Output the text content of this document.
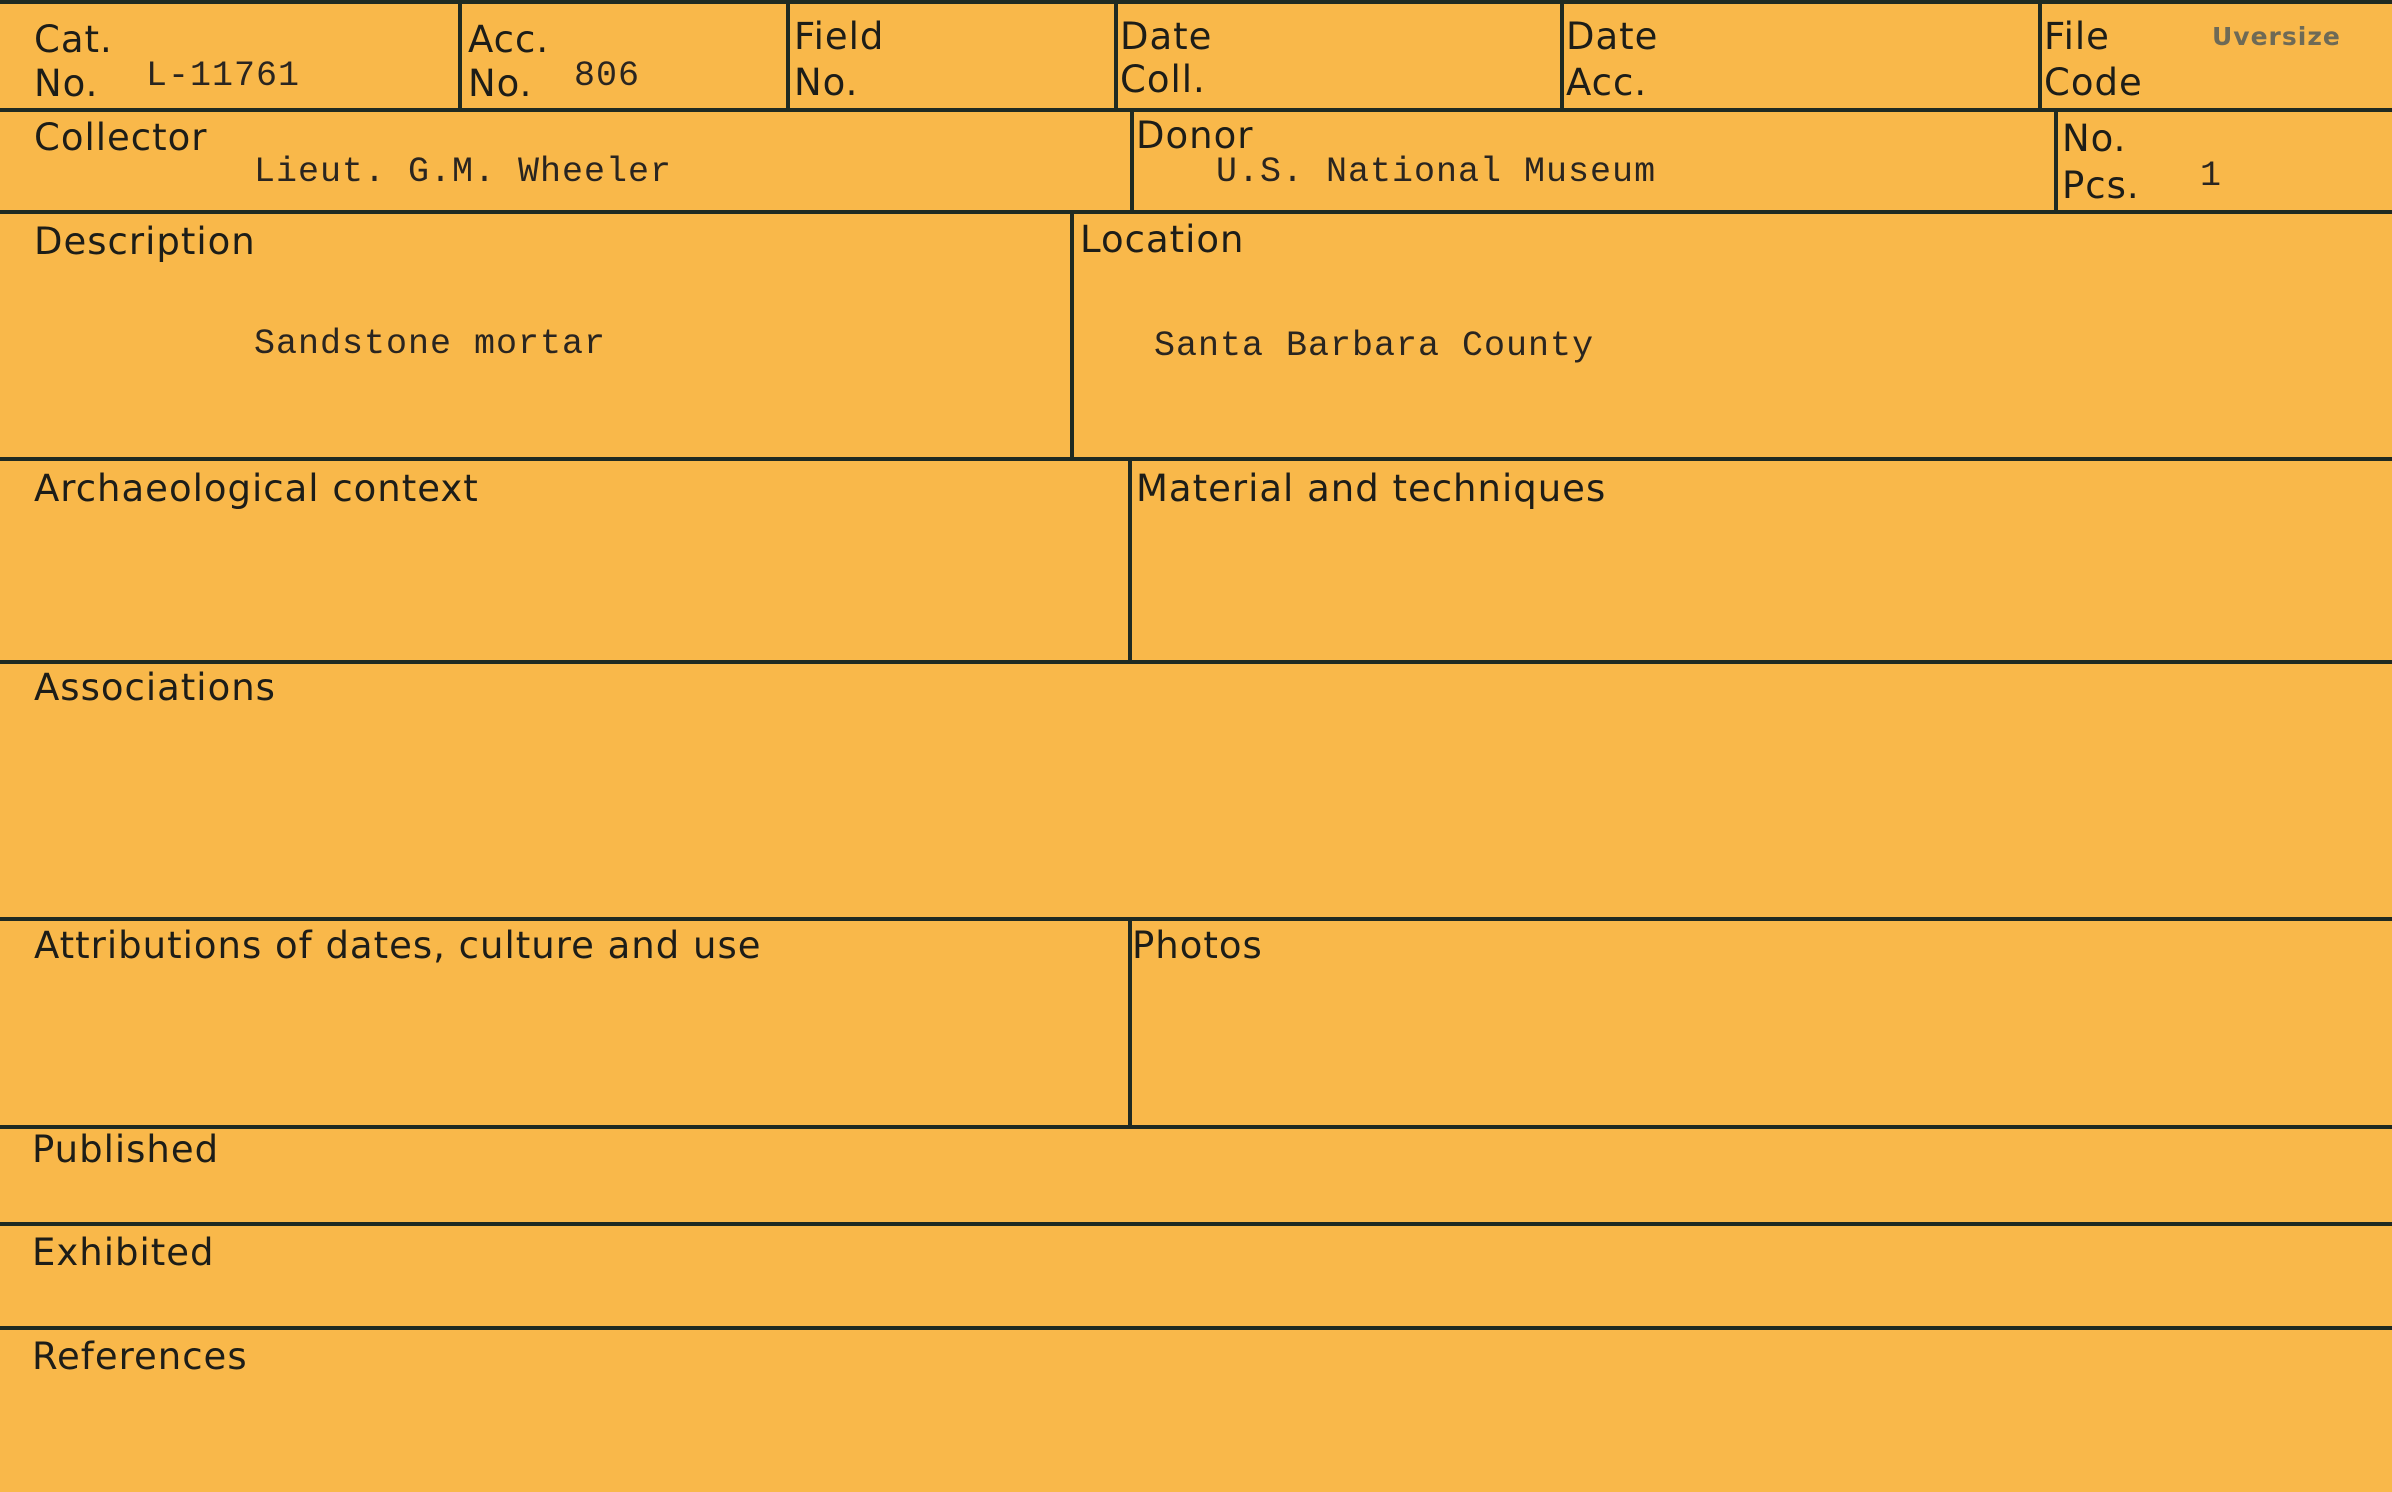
Cat.
No. L-11761
Acc.
No. 806
Field
No.
Date
Coll.
Date
Acc.
File
Code
Uversize
Collector
Lieut. G.M. Wheeler
Donor
U.S. National Museum
No.
Pcs. 1
Description
Sandstone mortar
Location
Santa Barbara County
Archaeological context	Material and techniques
Associations
Attributions of dates, culture and use	Photos
Published
Exhibited
References
